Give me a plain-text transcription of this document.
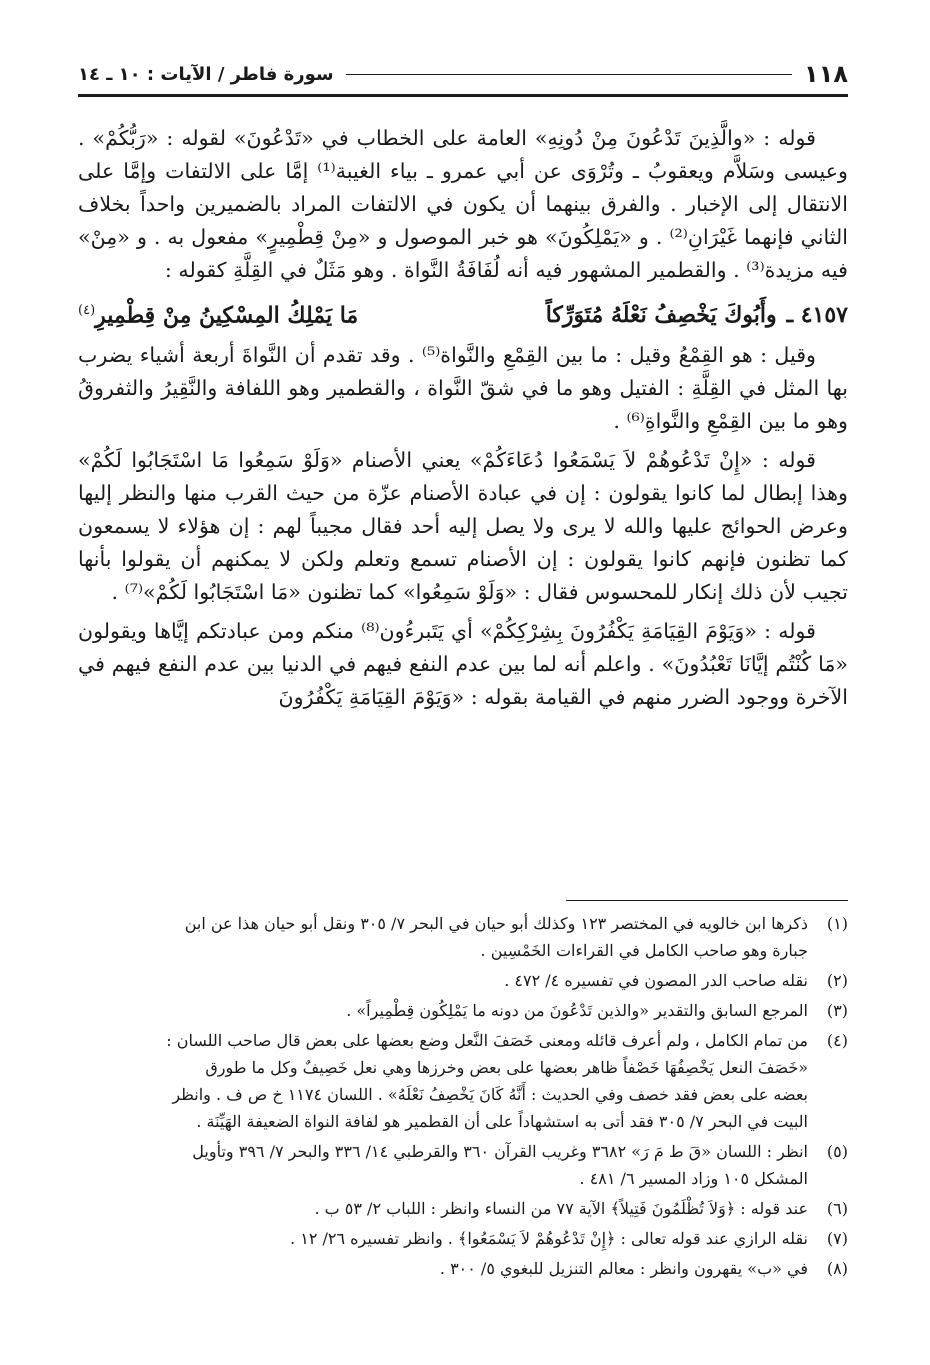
١١٨
سورة فاطر / الآيات : ١٠ ـ ١٤

قوله : «والَّذِينَ تَدْعُونَ مِنْ دُونِهِ» العامة على الخطاب في «تَدْعُونَ» لقوله : «رَبُّكُمْ» . وعيسى وسَلاَّم ويعقوبُ ـ وتُرْوَى عن أبي عمرو ـ بياء الغيبة⁽¹⁾ إمَّا على الالتفات وإمَّا على الانتقال إلى الإخبار . والفرق بينهما أن يكون في الالتفات المراد بالضميرين واحداً بخلاف الثاني فإنهما غَيْرَانِ⁽²⁾ . و «يَمْلِكُونَ» هو خبر الموصول و «مِنْ قِطْمِيرٍ» مفعول به . و «مِنْ» فيه مزيدة⁽³⁾ . والقطمير المشهور فيه أنه لُفَافَةُ النَّواة . وهو مَثَلٌ في القِلَّةِ كقوله :

٤١٥٧ ـ
وأَبُوكَ يَخْصِفُ نَعْلَهُ مُتَوَرِّكاً
مَا يَمْلِكُ المِسْكِينُ مِنْ قِطْمِيرِ$^{(٤)}$

وقيل : هو القِمْعُ وقيل : ما بين القِمْعِ والنَّواة⁽⁵⁾ . وقد تقدم أن النَّواةَ أربعة أشياء يضرب بها المثل في القِلَّةِ : الفتيل وهو ما في شقّ النَّواة ، والقطمير وهو اللفافة والنَّقِيرُ والثفروقُ وهو ما بين القِمْعِ والنَّواةِ⁽⁶⁾ .

قوله : «إِنْ تَدْعُوهُمْ لاَ يَسْمَعُوا دُعَاءَكُمْ» يعني الأصنام «وَلَوْ سَمِعُوا مَا اسْتَجَابُوا لَكُمْ» وهذا إبطال لما كانوا يقولون : إن في عبادة الأصنام عزّة من حيث القرب منها والنظر إليها وعرض الحوائج عليها والله لا يرى ولا يصل إليه أحد فقال مجيباً لهم : إن هؤلاء لا يسمعون كما تظنون فإنهم كانوا يقولون : إن الأصنام تسمع وتعلم ولكن لا يمكنهم أن يقولوا بأنها تجيب لأن ذلك إنكار للمحسوس فقال : «وَلَوْ سَمِعُوا» كما تظنون «مَا اسْتَجَابُوا لَكُمْ»⁽⁷⁾ .

قوله : «وَيَوْمَ القِيَامَةِ يَكْفُرُونَ بِشِرْكِكُمْ» أي يَتَبرءُون⁽⁸⁾ منكم ومن عبادتكم إيَّاها ويقولون «مَا كُنْتُم إيَّانَا تَعْبُدُونَ» . واعلم أنه لما بين عدم النفع فيهم في الدنيا بين عدم النفع فيهم في الآخرة ووجود الضرر منهم في القيامة بقوله : «وَيَوْمَ القِيَامَةِ يَكْفُرُونَ

(١)
ذكرها ابن خالويه في المختصر ١٢٣ وكذلك أبو حيان في البحر ٧/ ٣٠٥ ونقل أبو حيان هذا عن ابن
جبارة وهو صاحب الكامل في القراءات الخَمْسِين .
(٢)
نقله صاحب الدر المصون في تفسيره ٤/ ٤٧٢ .
(٣)
المرجع السابق والتقدير «والذين تَدْعُونَ من دونه ما يَمْلِكُون قِطْمِيراً» .
(٤)
من تمام الكامل ، ولم أعرف قائله ومعنى خَصَفَ النَّعل وضع بعضها على بعض قال صاحب اللسان :
«خَصَفَ النعل يَخْصِفُهَا خَصْفاً ظاهر بعضها على بعض وخرزها وهي نعل خَصِيفٌ وكل ما طورق
بعضه على بعض فقد خصف وفي الحديث : أَنَّهُ كَانَ يَخْصِفُ نَعْلَهُ» . اللسان ١١٧٤ خ ص ف . وانظر
البيت في البحر ٧/ ٣٠٥ فقد أتى به استشهاداً على أن القطمير هو لفافة النواة الضعيفة الهَيِّنَة .
(٥)
انظر : اللسان «قَ ط مَ رَ» ٣٦٨٢ وغريب القرآن ٣٦٠ والقرطبي ١٤/ ٣٣٦ والبحر ٧/ ٣٩٦ وتأويل
المشكل ١٠٥ وزاد المسير ٦/ ٤٨١ .
(٦)
عند قوله : ﴿وَلاَ تُظْلَمُونَ فَتِيلاً﴾ الآية ٧٧ من النساء وانظر : اللباب ٢/ ٥٣ ب .
(٧)
نقله الرازي عند قوله تعالى : ﴿إِنْ تَدْعُوهُمْ لاَ يَسْمَعُوا﴾ . وانظر تفسيره ٢٦/ ١٢ .
(٨)
في «ب» يقهرون وانظر : معالم التنزيل للبغوي ٥/ ٣٠٠ .
